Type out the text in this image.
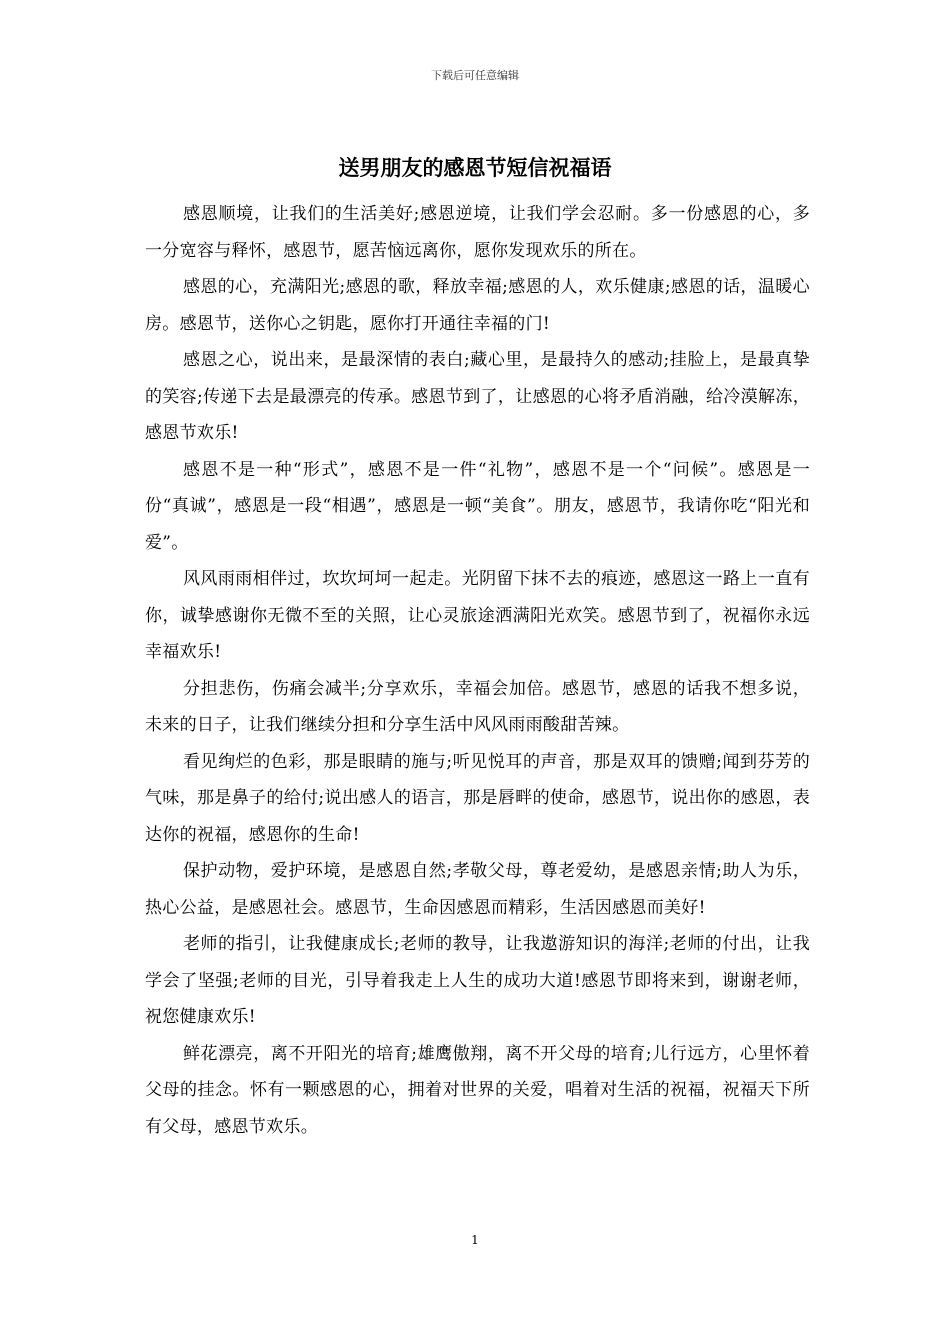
下载后可任意编辑
送男朋友的感恩节短信祝福语

感恩顺境，让我们的生活美好;感恩逆境，让我们学会忍耐。多一份感恩的心，多一分宽容与释怀，感恩节，愿苦恼远离你，愿你发现欢乐的所在。

感恩的心，充满阳光;感恩的歌，释放幸福;感恩的人，欢乐健康;感恩的话，温暖心房。感恩节，送你心之钥匙，愿你打开通往幸福的门!

感恩之心，说出来，是最深情的表白;藏心里，是最持久的感动;挂脸上，是最真挚的笑容;传递下去是最漂亮的传承。感恩节到了，让感恩的心将矛盾消融，给冷漠解冻，感恩节欢乐!

感恩不是一种“形式”，感恩不是一件“礼物”，感恩不是一个“问候”。感恩是一份“真诚”，感恩是一段“相遇”，感恩是一顿“美食”。朋友，感恩节，我请你吃“阳光和爱”。

风风雨雨相伴过，坎坎坷坷一起走。光阴留下抹不去的痕迹，感恩这一路上一直有你，诚挚感谢你无微不至的关照，让心灵旅途洒满阳光欢笑。感恩节到了，祝福你永远幸福欢乐!

分担悲伤，伤痛会减半;分享欢乐，幸福会加倍。感恩节，感恩的话我不想多说，未来的日子，让我们继续分担和分享生活中风风雨雨酸甜苦辣。

看见绚烂的色彩，那是眼睛的施与;听见悦耳的声音，那是双耳的馈赠;闻到芬芳的气味，那是鼻子的给付;说出感人的语言，那是唇畔的使命，感恩节，说出你的感恩，表达你的祝福，感恩你的生命!

保护动物，爱护环境，是感恩自然;孝敬父母，尊老爱幼，是感恩亲情;助人为乐，热心公益，是感恩社会。感恩节，生命因感恩而精彩，生活因感恩而美好!

老师的指引，让我健康成长;老师的教导，让我遨游知识的海洋;老师的付出，让我学会了坚强;老师的目光，引导着我走上人生的成功大道!感恩节即将来到，谢谢老师，祝您健康欢乐!

鲜花漂亮，离不开阳光的培育;雄鹰傲翔，离不开父母的培育;儿行远方，心里怀着父母的挂念。怀有一颗感恩的心，拥着对世界的关爱，唱着对生活的祝福，祝福天下所有父母，感恩节欢乐。

1
